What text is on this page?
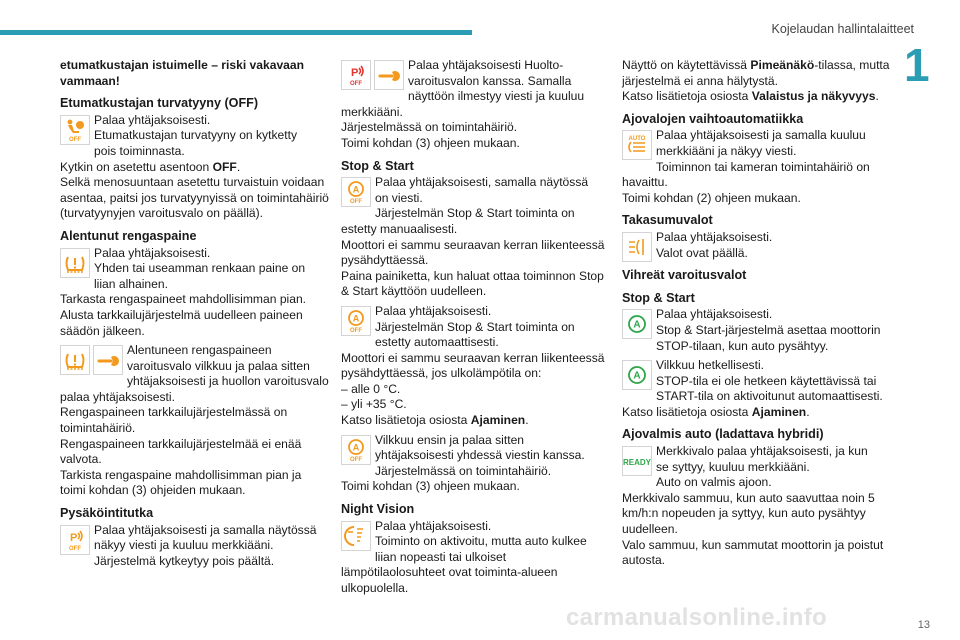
Kojelaudan hallintalaitteet
1
13
carmanualsonline.info

etumatkustajan istuimelle – riski vakavaan vammaan!

Etumatkustajan turvatyyny (OFF)

OFF
Palaa yhtäjaksoisesti.
Etumatkustajan turvatyyny on kytketty
pois toiminnasta.
Kytkin on asetettu asentoon OFF.
Selkä menosuuntaan asetettu turvaistuin voidaan asentaa, paitsi jos turvatyynyissä on toimintahäiriö (turvatyynyjen varoitusvalo on päällä).

Alentunut rengaspaine

Palaa yhtäjaksoisesti.
Yhden tai useamman renkaan paine on
liian alhainen.
Tarkasta rengaspaineet mahdollisimman pian.
Alusta tarkkailujärjestelmä uudelleen paineen säädön jälkeen.
Alentuneen rengaspaineen
varoitusvalo vilkkuu ja palaa sitten
yhtäjaksoisesti ja huollon varoitusvalo palaa yhtäjaksoisesti.
Rengaspaineen tarkkailujärjestelmässä on toimintahäiriö.
Rengaspaineen tarkkailujärjestelmää ei enää valvota.
Tarkista rengaspaine mahdollisimman pian ja toimi kohdan (3) ohjeiden mukaan.

Pysäköintitutka

P
OFF
Palaa yhtäjaksoisesti ja samalla näytössä
näkyy viesti ja kuuluu merkkiääni.
Järjestelmä kytkeytyy pois päältä.
P
OFF
Palaa yhtäjaksoisesti Huolto-
varoitusvalon kanssa. Samalla
näyttöön ilmestyy viesti ja kuuluu merkkiääni.
Järjestelmässä on toimintahäiriö.
Toimi kohdan (3) ohjeen mukaan.

Stop & Start

A
OFF
Palaa yhtäjaksoisesti, samalla näytössä
on viesti.
Järjestelmän Stop & Start toiminta on estetty manuaalisesti.
Moottori ei sammu seuraavan kerran liikenteessä pysähdyttäessä.
Paina painiketta, kun haluat ottaa toiminnon Stop & Start käyttöön uudelleen.
A
OFF
Palaa yhtäjaksoisesti.
Järjestelmän Stop & Start toiminta on
estetty automaattisesti.
Moottori ei sammu seuraavan kerran liikenteessä pysähdyttäessä, jos ulkolämpötila on:
– alle 0 °C.
– yli +35 °C.
Katso lisätietoja osiosta Ajaminen.
A
OFF
Vilkkuu ensin ja palaa sitten
yhtäjaksoisesti yhdessä viestin kanssa.
Järjestelmässä on toimintahäiriö.
Toimi kohdan (3) ohjeen mukaan.

Night Vision

Palaa yhtäjaksoisesti.
Toiminto on aktivoitu, mutta auto kulkee
liian nopeasti tai ulkoiset lämpötilaolosuhteet ovat toiminta-alueen ulkopuolella.
Näyttö on käytettävissä Pimeänäkö-tilassa, mutta järjestelmä ei anna hälytystä.
Katso lisätietoja osiosta Valaistus ja näkyvyys.

Ajovalojen vaihtoautomatiikka

AUTO Palaa yhtäjaksoisesti ja samalla kuuluu
merkkiääni ja näkyy viesti.
Toiminnon tai kameran toimintahäiriö on havaittu.
Toimi kohdan (2) ohjeen mukaan.

Takasumuvalot

Palaa yhtäjaksoisesti.
Valot ovat päällä.

Vihreät varoitusvalot

Stop & Start

A
Palaa yhtäjaksoisesti.
Stop & Start-järjestelmä asettaa moottorin
STOP-tilaan, kun auto pysähtyy.
A
Vilkkuu hetkellisesti.
STOP-tila ei ole hetkeen käytettävissä tai
START-tila on aktivoitunut automaattisesti.
Katso lisätietoja osiosta Ajaminen.

Ajovalmis auto (ladattava hybridi)

READY
Merkkivalo palaa yhtäjaksoisesti, ja kun
se syttyy, kuuluu merkkiääni.
Auto on valmis ajoon.
Merkkivalo sammuu, kun auto saavuttaa noin 5 km/h:n nopeuden ja syttyy, kun auto pysähtyy uudelleen.
Valo sammuu, kun sammutat moottorin ja poistut autosta.
